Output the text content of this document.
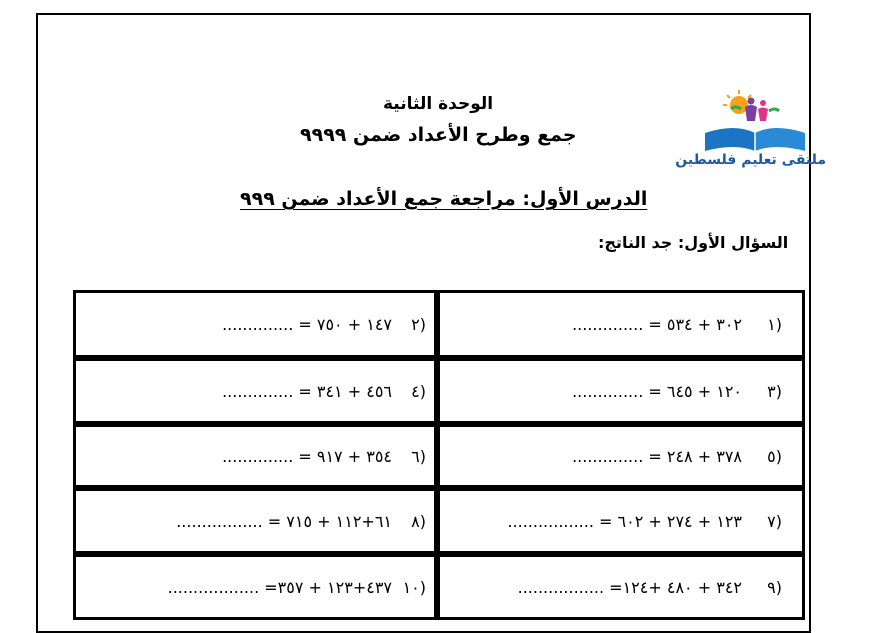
الوحدة الثانية
جمع وطرح الأعداد ضمن ٩٩٩٩
الدرس الأول: مراجعة جمع الأعداد ضمن ٩٩٩
السؤال الأول: جد الناتج:
ملتقى تعليم فلسطين
١)
.............. = ٣٠٢ + ٥٣٤
٢)
.............. = ١٤٧ + ٧٥٠
٣)
.............. = ١٢٠ + ٦٤٥
٤)
.............. = ٤٥٦ + ٣٤١
٥)
.............. = ٣٧٨ + ٢٤٨
٦)
.............. = ٣٥٤ + ٩١٧
٧)
................. = ١٢٣ + ٢٧٤ + ٦٠٢
٨)
................. = ٦١+١١٢ + ٧١٥
٩)
................. =٣٤٢ + ٤٨٠ +١٢٤
١٠)
.................. =٤٣٧+١٢٣ + ٣٥٧
